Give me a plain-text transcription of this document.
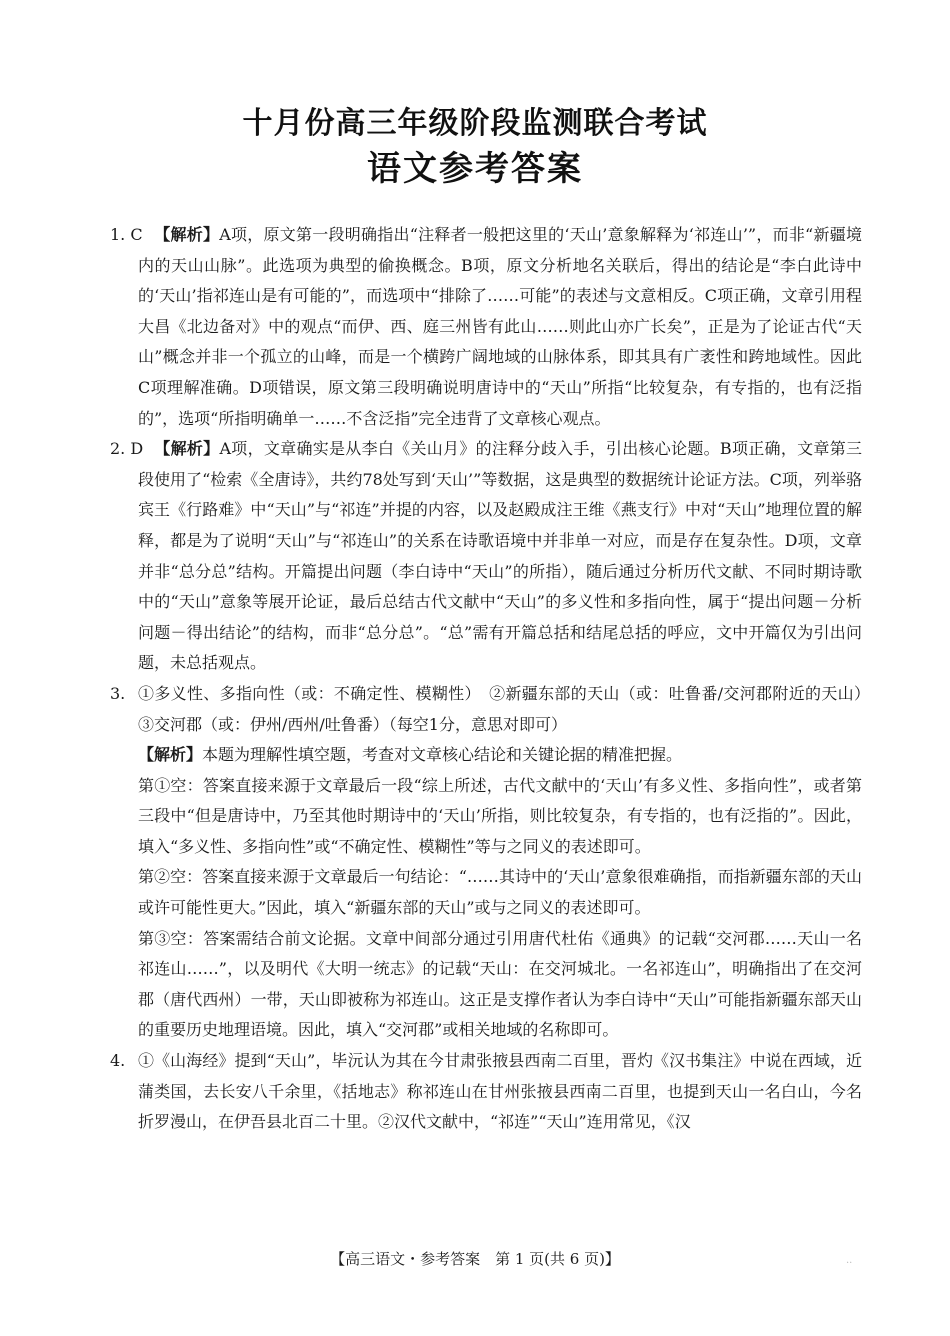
十月份高三年级阶段监测联合考试
语文参考答案

1. C 【解析】A项，原文第一段明确指出“注释者一般把这里的‘天山’意象解释为‘祁连山’”，而非“新疆境内的天山山脉”。此选项为典型的偷换概念。B项，原文分析地名关联后，得出的结论是“李白此诗中的‘天山’指祁连山是有可能的”，而选项中“排除了……可能”的表述与文意相反。C项正确，文章引用程大昌《北边备对》中的观点“而伊、西、庭三州皆有此山……则此山亦广长矣”，正是为了论证古代“天山”概念并非一个孤立的山峰，而是一个横跨广阔地域的山脉体系，即其具有广袤性和跨地域性。因此C项理解准确。D项错误，原文第三段明确说明唐诗中的“天山”所指“比较复杂，有专指的，也有泛指的”，选项“所指明确单一……不含泛指”完全违背了文章核心观点。

2. D 【解析】A项，文章确实是从李白《关山月》的注释分歧入手，引出核心论题。B项正确，文章第三段使用了“检索《全唐诗》，共约78处写到‘天山’”等数据，这是典型的数据统计论证方法。C项，列举骆宾王《行路难》中“天山”与“祁连”并提的内容，以及赵殿成注王维《燕支行》中对“天山”地理位置的解释，都是为了说明“天山”与“祁连山”的关系在诗歌语境中并非单一对应，而是存在复杂性。D项，文章并非“总分总”结构。开篇提出问题（李白诗中“天山”的所指），随后通过分析历代文献、不同时期诗歌中的“天山”意象等展开论证，最后总结古代文献中“天山”的多义性和多指向性，属于“提出问题－分析问题－得出结论”的结构，而非“总分总”。“总”需有开篇总括和结尾总括的呼应，文中开篇仅为引出问题，未总括观点。

3. ①多义性、多指向性（或：不确定性、模糊性）　②新疆东部的天山（或：吐鲁番/交河郡附近的天山）　③交河郡（或：伊州/西州/吐鲁番）（每空1分，意思对即可）

【解析】本题为理解性填空题，考查对文章核心结论和关键论据的精准把握。

第①空：答案直接来源于文章最后一段“综上所述，古代文献中的‘天山’有多义性、多指向性”，或者第三段中“但是唐诗中，乃至其他时期诗中的‘天山’所指，则比较复杂，有专指的，也有泛指的”。因此，填入“多义性、多指向性”或“不确定性、模糊性”等与之同义的表述即可。

第②空：答案直接来源于文章最后一句结论：“……其诗中的‘天山’意象很难确指，而指新疆东部的天山或许可能性更大。”因此，填入“新疆东部的天山”或与之同义的表述即可。

第③空：答案需结合前文论据。文章中间部分通过引用唐代杜佑《通典》的记载“交河郡……天山一名祁连山……”，以及明代《大明一统志》的记载“天山：在交河城北。一名祁连山”，明确指出了在交河郡（唐代西州）一带，天山即被称为祁连山。这正是支撑作者认为李白诗中“天山”可能指新疆东部天山的重要历史地理语境。因此，填入“交河郡”或相关地域的名称即可。

4. ①《山海经》提到“天山”，毕沅认为其在今甘肃张掖县西南二百里，晋灼《汉书集注》中说在西域，近蒲类国，去长安八千余里，《括地志》称祁连山在甘州张掖县西南二百里，也提到天山一名白山，今名折罗漫山，在伊吾县北百二十里。②汉代文献中，“祁连”“天山”连用常见，《汉

【高三语文・参考答案　第 1 页(共 6 页)】	..
